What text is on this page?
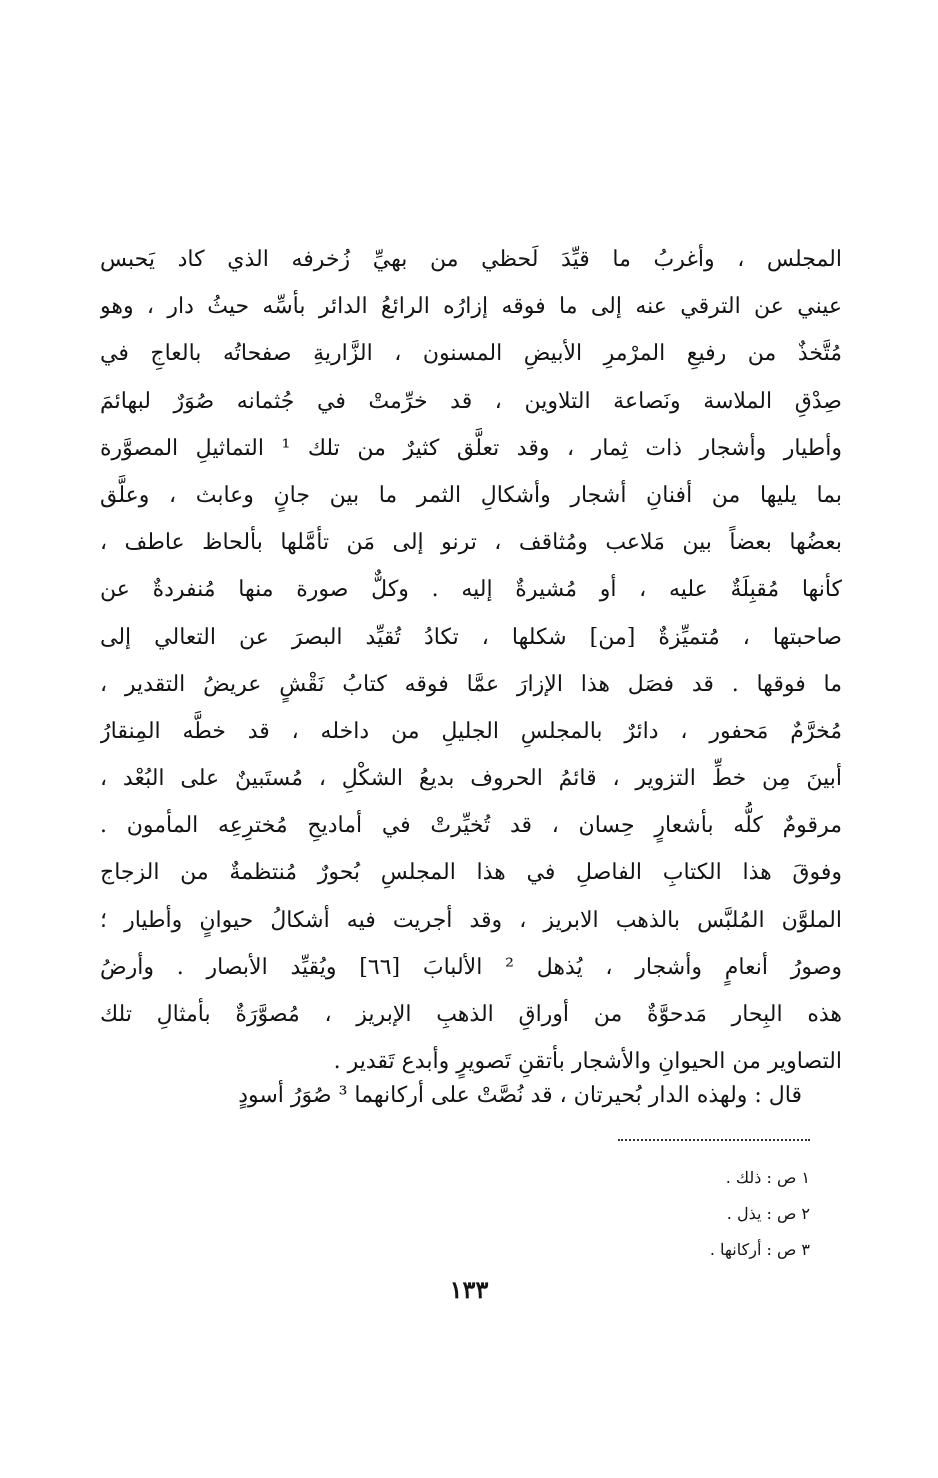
المجلس ، وأغربُ ما قيِّدَ لَحظي من بهيِّ زُخرفه الذي كاد يَحبس
عيني عن الترقي عنه إلى ما فوقه إزارُه الرائعُ الدائر بأسِّه حيثُ دار ، وهو
مُتَّخذٌ من رفيعِ المرْمرِ الأبيضِ المسنون ، الزَّاريةِ صفحاتُه بالعاجِ في
صِدْقِ الملاسة ونَصاعة التلاوين ، قد خرِّمتْ في جُثمانه صُوَرٌ لبهائمَ
وأطيار وأشجار ذات ثِمار ، وقد تعلَّق كثيرٌ من تلك ¹ التماثيلِ المصوَّرة
بما يليها من أفنانِ أشجار وأشكالِ الثمر ما بين جانٍ وعابث ، وعلَّق
بعضُها بعضاً بين مَلاعب ومُثاقف ، ترنو إلى مَن تأمَّلها بألحاظ عاطف ،
كأنها مُقبِلَةٌ عليه ، أو مُشيرةٌ إليه . وكلٌّ صورة منها مُنفردةٌ عن
صاحبتها ، مُتميِّزةٌ [من] شكلها ، تكادُ تُقيِّد البصرَ عن التعالي إلى
ما فوقها . قد فصَل هذا الإزارَ عمَّا فوقه كتابُ نَقْشٍ عريضُ التقدير ،
مُخرَّمٌ مَحفور ، دائرٌ بالمجلسِ الجليلِ من داخله ، قد خطَّه المِنقارُ
أبينَ مِن خطِّ التزوير ، قائمُ الحروف بديعُ الشكْلِ ، مُستَبينٌ على البُعْد ،
مرقومٌ كلُّه بأشعارٍ حِسان ، قد تُخيِّرتْ في أماديحِ مُخترِعِه المأمون .
وفوقَ هذا الكتابِ الفاصلِ في هذا المجلسِ بُحورٌ مُنتظمةٌ من الزجاج
الملوَّن المُلبَّس بالذهب الابريز ، وقد أجريت فيه أشكالُ حيوانٍ وأطيار ؛
وصورُ أنعامٍ وأشجار ، يُذهل ² الألبابَ [٦٦] ويُقيِّد الأبصار . وأرضُ
هذه البِحار مَدحوَّةٌ من أوراقِ الذهبِ الإبريز ، مُصوَّرَةٌ بأمثالِ تلك
التصاوير من الحيوانِ والأشجار بأتقنِ تَصويرٍ وأبدع تَقدير .
قال : ولهذه الدار بُحيرتان ، قد نُصَّتْ على أركانهما ³ صُوَرُ أسودٍ
١ ص : ذلك .
٢ ص : يذل .
٣ ص : أركانها .
١٣٣
